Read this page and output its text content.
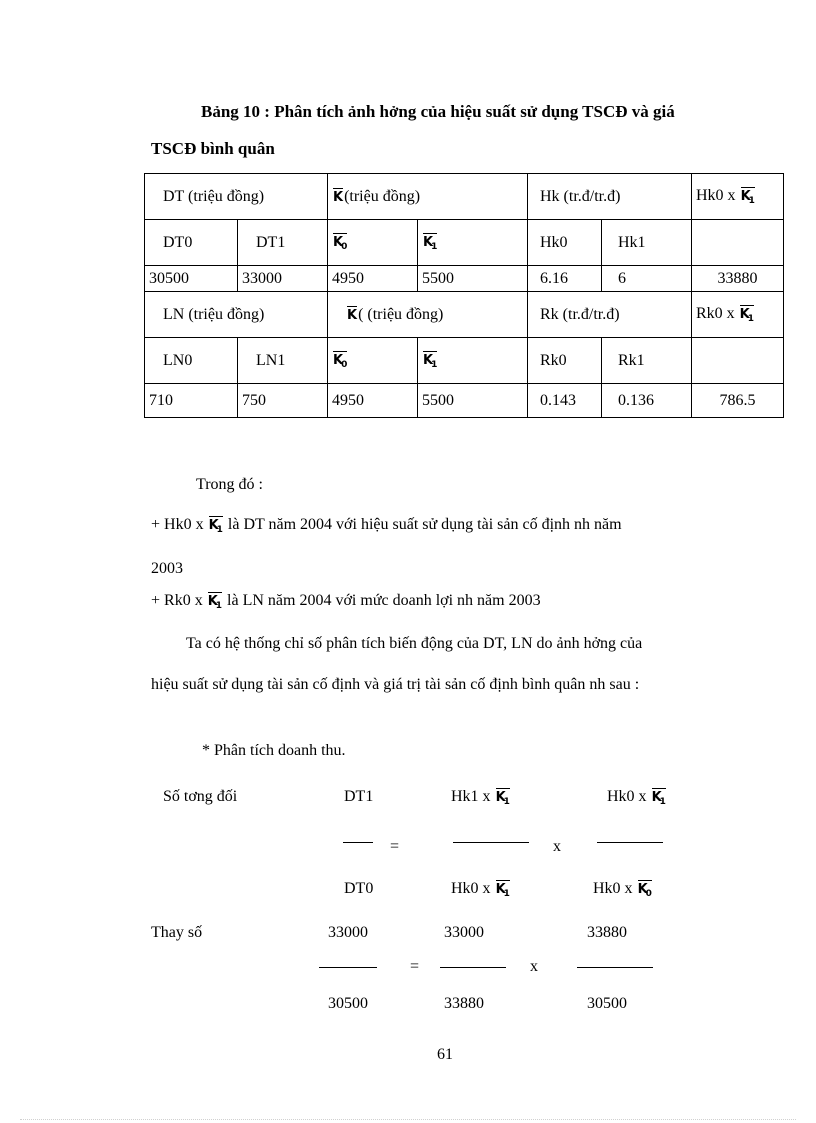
Bảng 10 : Phân tích ảnh hởng của hiệu suất sử dụng TSCĐ và giá
TSCĐ bình quân
DT (triệu đồng)		K(triệu đồng)		Hk (tr.đ/tr.đ)		Hk0 x $K_1$
DT0	DT1	$K_0$	$K_1$	Hk0	Hk1	
30500	33000	4950	5500	6.16	6	33880
LN (triệu đồng)		K( (triệu đồng)		Rk (tr.đ/tr.đ)		Rk0 x $K_1$
LN0	LN1	$K_0$	$K_1$	Rk0	Rk1	
710	750	4950	5500	0.143	0.136	786.5
Trong đó :
+ Hk0 x $K_1$ là DT năm 2004 với hiệu suất sử dụng tài sản cố định nh năm
2003
+ Rk0 x $K_1$ là LN năm 2004 với mức doanh lợi nh năm 2003
Ta có hệ thống chỉ số phân tích biến động của DT, LN do ảnh hởng của
hiệu suất sử dụng tài sản cố định và giá trị tài sản cố định bình quân nh sau :
* Phân tích doanh thu.
Số tơng đối	DT1	Hk1 x $K_1$	Hk0 x $K_1$
=	x
DT0	Hk0 x $K_1$	Hk0 x $K_0$
Thay số	33000	33000	33880
=	x
30500	33880	30500
61
